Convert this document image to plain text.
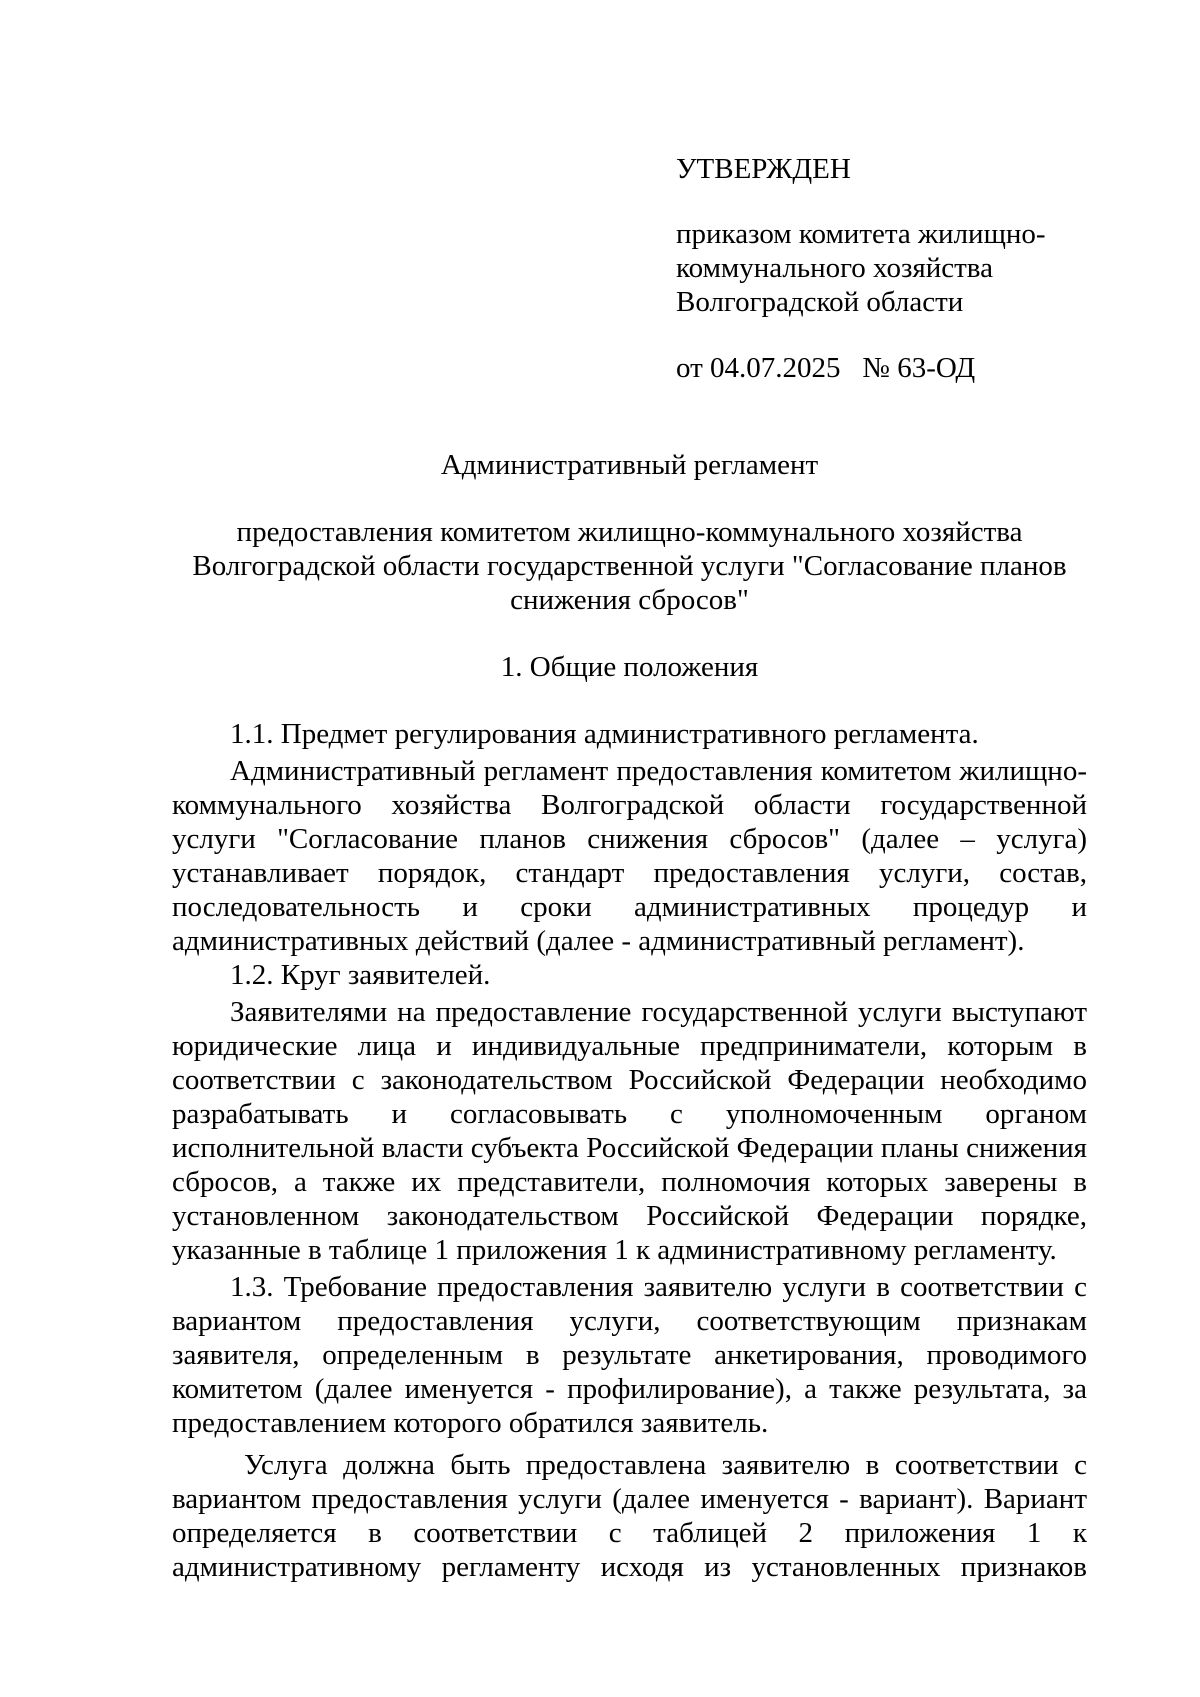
УТВЕРЖДЕН

приказом комитета жилищно-коммунального хозяйства Волгоградской области

от 04.07.2025   № 63-ОД

Административный регламент

предоставления комитетом жилищно-коммунального хозяйства Волгоградской области государственной услуги "Согласование планов снижения сбросов"

1. Общие положения

1.1. Предмет регулирования административного регламента.

Административный регламент предоставления комитетом жилищно-коммунального хозяйства Волгоградской области государственной услуги "Согласование планов снижения сбросов" (далее – услуга) устанавливает порядок, стандарт предоставления услуги, состав, последовательность и сроки административных процедур и административных действий (далее - административный регламент).

1.2. Круг заявителей.

Заявителями на предоставление государственной услуги выступают юридические лица и индивидуальные предприниматели, которым в соответствии с законодательством Российской Федерации необходимо разрабатывать и согласовывать с уполномоченным органом исполнительной власти субъекта Российской Федерации планы снижения сбросов, а также их представители, полномочия которых заверены в установленном законодательством Российской Федерации порядке, указанные в таблице 1 приложения 1 к административному регламенту.

1.3. Требование предоставления заявителю услуги в соответствии с вариантом предоставления услуги, соответствующим признакам заявителя, определенным в результате анкетирования, проводимого комитетом (далее именуется - профилирование), а также результата, за предоставлением которого обратился заявитель.

Услуга должна быть предоставлена заявителю в соответствии с вариантом предоставления услуги (далее именуется - вариант). Вариант определяется в соответствии с таблицей 2 приложения 1 к административному регламенту исходя из установленных признаков
